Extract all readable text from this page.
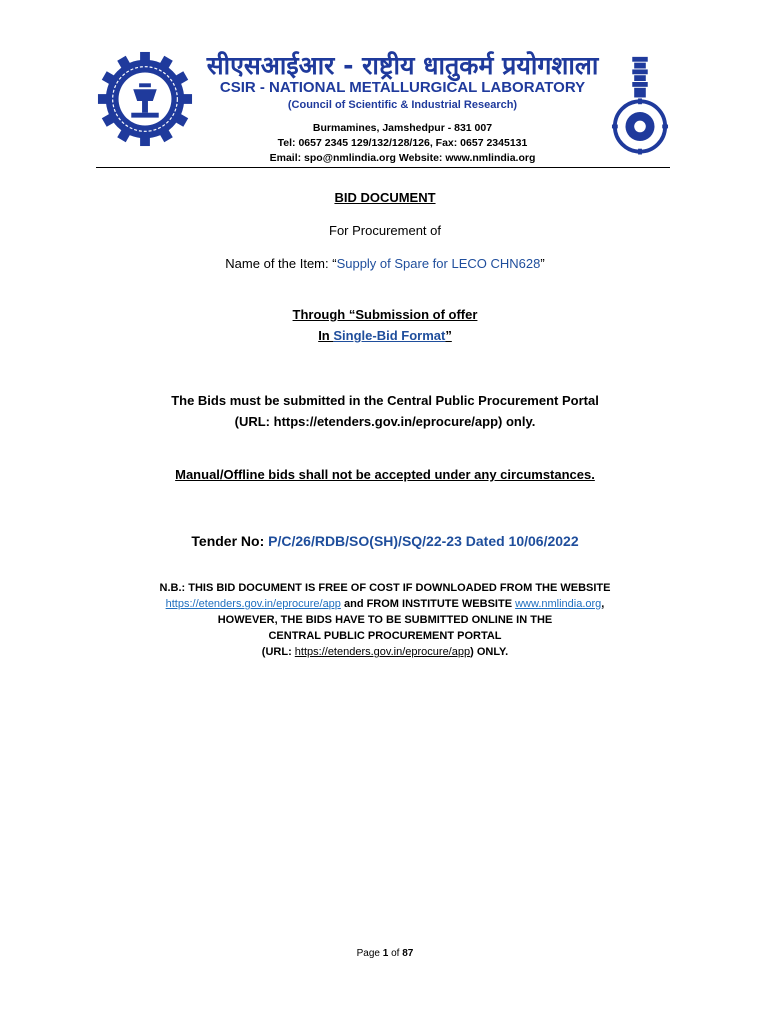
सीएसआईआर - राष्ट्रीय धातुकर्म प्रयोगशाला
CSIR - NATIONAL METALLURGICAL LABORATORY
(Council of Scientific & Industrial Research)
Burmamines, Jamshedpur - 831 007
Tel: 0657 2345 129/132/128/126, Fax: 0657 2345131
Email: spo@nmlindia.org Website: www.nmlindia.org
BID DOCUMENT
For Procurement of
Name of the Item: “Supply of Spare for LECO CHN628”
Through “Submission of offer
In Single-Bid Format”
The Bids must be submitted in the Central Public Procurement Portal
(URL: https://etenders.gov.in/eprocure/app) only.
Manual/Offline bids shall not be accepted under any circumstances.
Tender No: P/C/26/RDB/SO(SH)/SQ/22-23 Dated 10/06/2022
N.B.: THIS BID DOCUMENT IS FREE OF COST IF DOWNLOADED FROM THE WEBSITE
https://etenders.gov.in/eprocure/app and FROM INSTITUTE WEBSITE www.nmlindia.org,
HOWEVER, THE BIDS HAVE TO BE SUBMITTED ONLINE IN THE
CENTRAL PUBLIC PROCUREMENT PORTAL
(URL: https://etenders.gov.in/eprocure/app) ONLY.
Page 1 of 87
